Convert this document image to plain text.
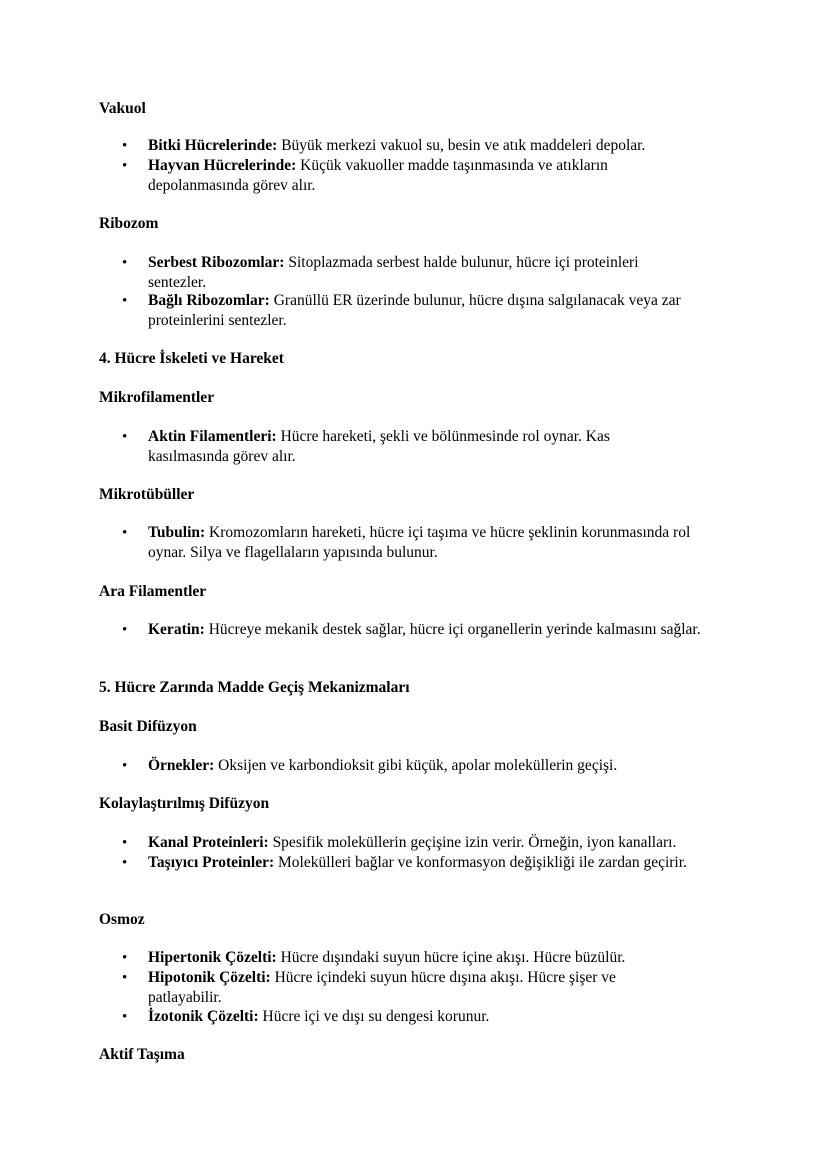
Vakuol
• Bitki Hücrelerinde: Büyük merkezi vakuol su, besin ve atık maddeleri depolar.
• Hayvan Hücrelerinde: Küçük vakuoller madde taşınmasında ve atıkların depolanmasında görev alır.
Ribozom
• Serbest Ribozomlar: Sitoplazmada serbest halde bulunur, hücre içi proteinleri sentezler.
• Bağlı Ribozomlar: Granüllü ER üzerinde bulunur, hücre dışına salgılanacak veya zar proteinlerini sentezler.
4. Hücre İskeleti ve Hareket
Mikrofilamentler
• Aktin Filamentleri: Hücre hareketi, şekli ve bölünmesinde rol oynar. Kas kasılmasında görev alır.
Mikrotübüller
• Tubulin: Kromozomların hareketi, hücre içi taşıma ve hücre şeklinin korunmasında rol oynar. Silya ve flagellaların yapısında bulunur.
Ara Filamentler
• Keratin: Hücreye mekanik destek sağlar, hücre içi organellerin yerinde kalmasını sağlar.
5. Hücre Zarında Madde Geçiş Mekanizmaları
Basit Difüzyon
• Örnekler: Oksijen ve karbondioksit gibi küçük, apolar moleküllerin geçişi.
Kolaylaştırılmış Difüzyon
• Kanal Proteinleri: Spesifik moleküllerin geçişine izin verir. Örneğin, iyon kanalları.
• Taşıyıcı Proteinler: Molekülleri bağlar ve konformasyon değişikliği ile zardan geçirir.
Osmoz
• Hipertonik Çözelti: Hücre dışındaki suyun hücre içine akışı. Hücre büzülür.
• Hipotonik Çözelti: Hücre içindeki suyun hücre dışına akışı. Hücre şişer ve patlayabilir.
• İzotonik Çözelti: Hücre içi ve dışı su dengesi korunur.
Aktif Taşıma
